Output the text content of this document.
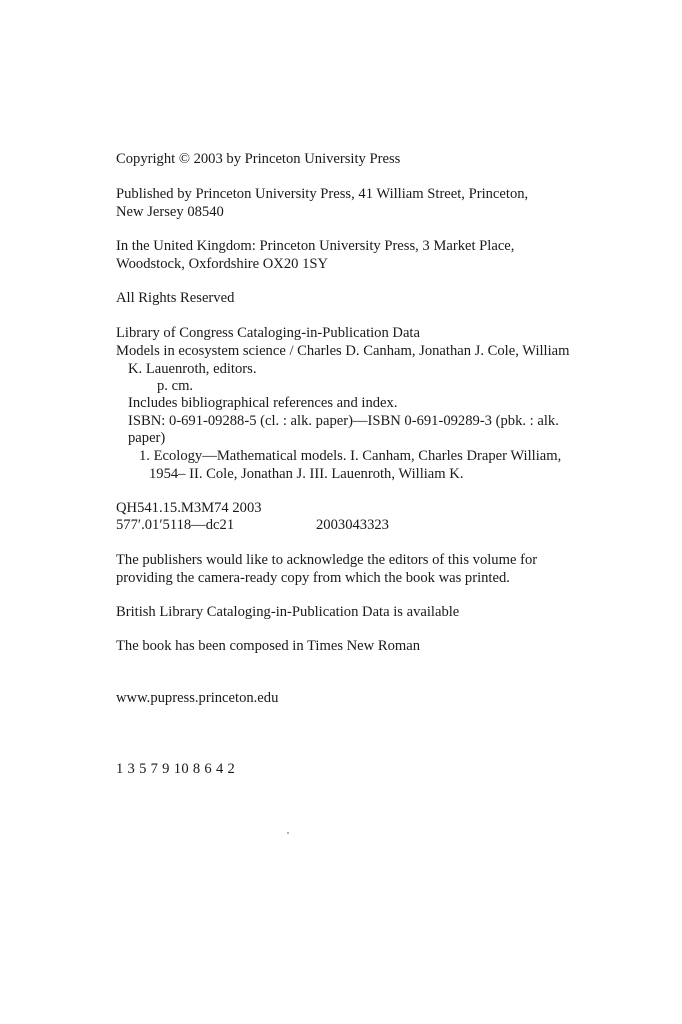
Copyright © 2003 by Princeton University Press
Published by Princeton University Press, 41 William Street, Princeton,
New Jersey 08540
In the United Kingdom: Princeton University Press, 3 Market Place,
Woodstock, Oxfordshire OX20 1SY
All Rights Reserved
Library of Congress Cataloging-in-Publication Data
Models in ecosystem science / Charles D. Canham, Jonathan J. Cole, William
K. Lauenroth, editors.
p. cm.
Includes bibliographical references and index.
ISBN: 0-691-09288-5 (cl. : alk. paper)—ISBN 0-691-09289-3 (pbk. : alk.
paper)
1. Ecology—Mathematical models. I. Canham, Charles Draper William,
1954– II. Cole, Jonathan J. III. Lauenroth, William K.
QH541.15.M3M74 2003
577′.01′5118—dc21	2003043323
The publishers would like to acknowledge the editors of this volume for
providing the camera-ready copy from which the book was printed.
British Library Cataloging-in-Publication Data is available
The book has been composed in Times New Roman
www.pupress.princeton.edu
1 3 5 7 9 10 8 6 4 2
